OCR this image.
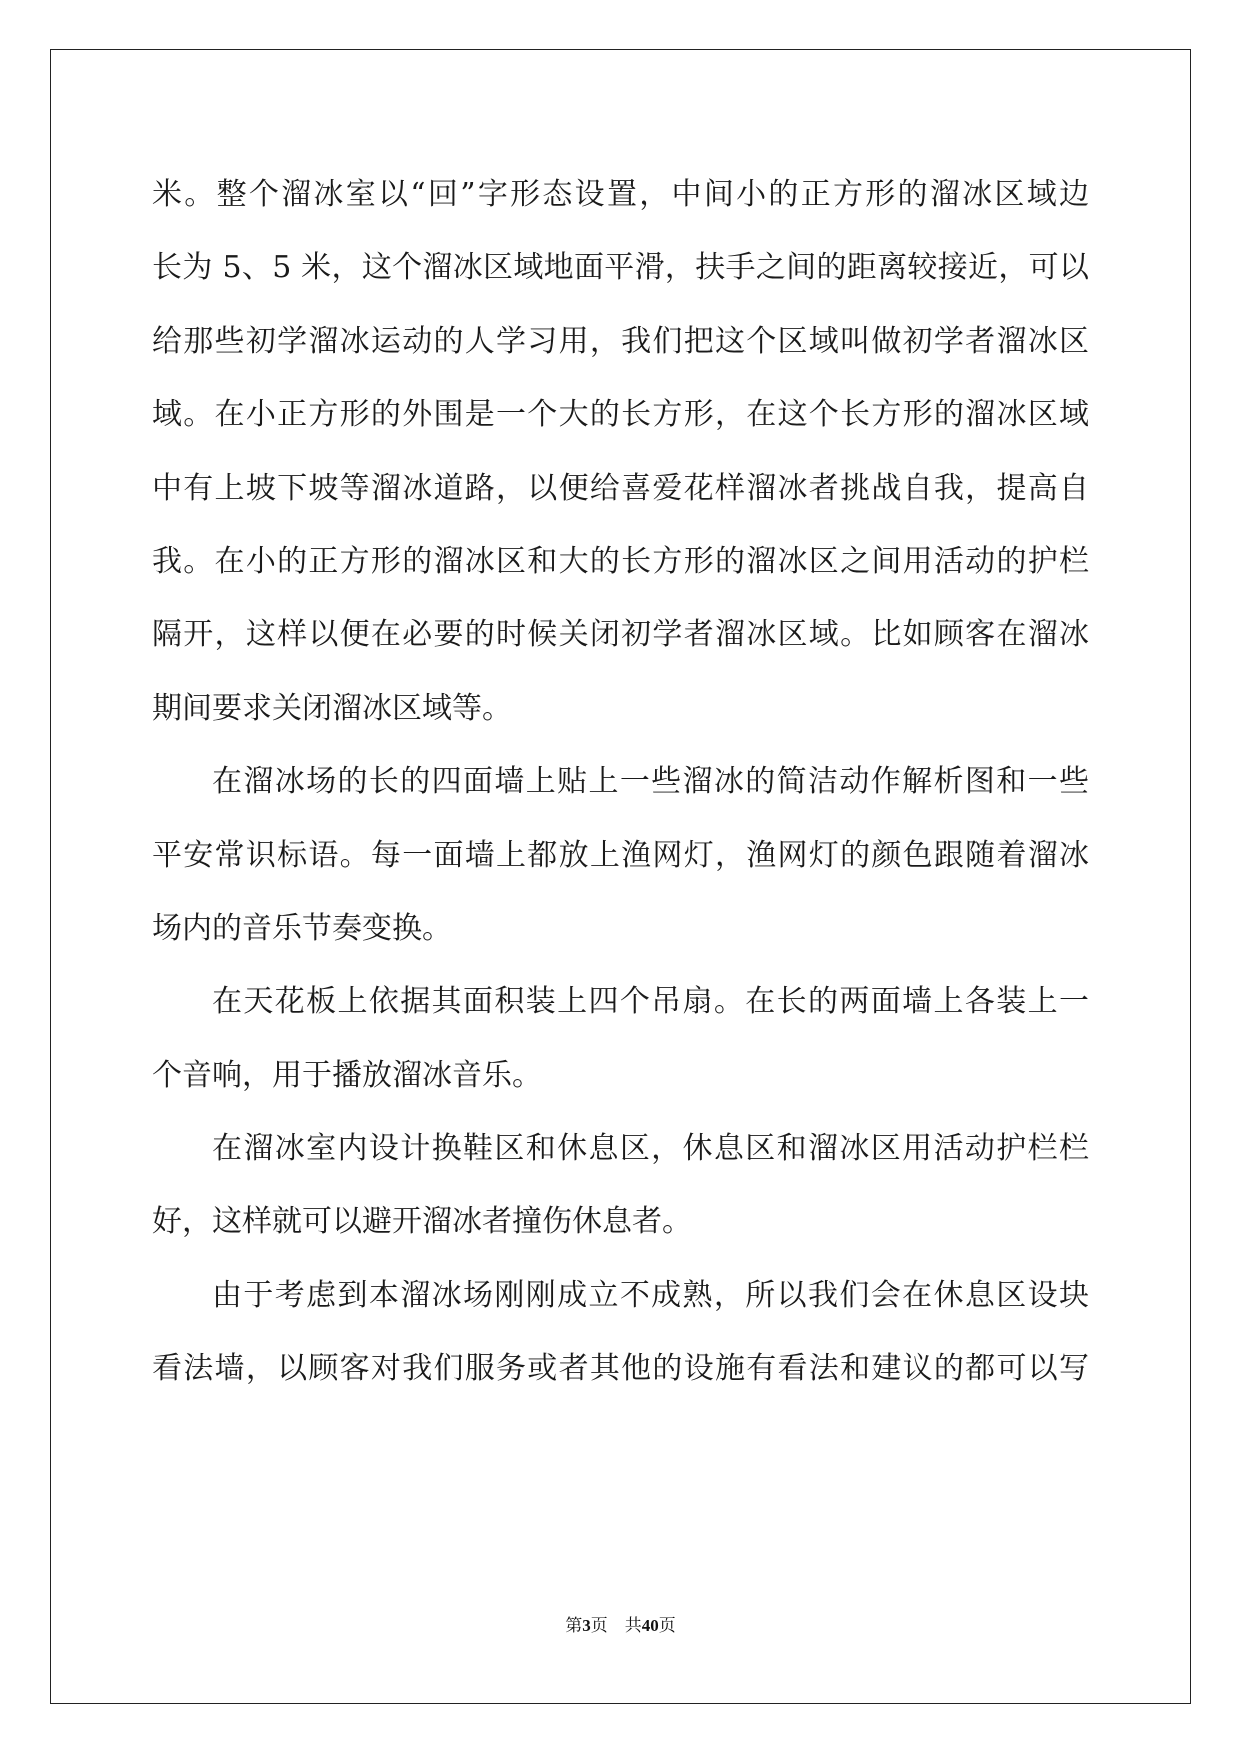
米。整个溜冰室以“回”字形态设置，中间小的正方形的溜冰区域边
长为 5、5 米，这个溜冰区域地面平滑，扶手之间的距离较接近，可以
给那些初学溜冰运动的人学习用，我们把这个区域叫做初学者溜冰区
域。在小正方形的外围是一个大的长方形，在这个长方形的溜冰区域
中有上坡下坡等溜冰道路，以便给喜爱花样溜冰者挑战自我，提高自
我。在小的正方形的溜冰区和大的长方形的溜冰区之间用活动的护栏
隔开，这样以便在必要的时候关闭初学者溜冰区域。比如顾客在溜冰
期间要求关闭溜冰区域等。
在溜冰场的长的四面墙上贴上一些溜冰的简洁动作解析图和一些
平安常识标语。每一面墙上都放上渔网灯，渔网灯的颜色跟随着溜冰
场内的音乐节奏变换。
在天花板上依据其面积装上四个吊扇。在长的两面墙上各装上一
个音响，用于播放溜冰音乐。
在溜冰室内设计换鞋区和休息区，休息区和溜冰区用活动护栏栏
好，这样就可以避开溜冰者撞伤休息者。
由于考虑到本溜冰场刚刚成立不成熟，所以我们会在休息区设块
看法墙，以顾客对我们服务或者其他的设施有看法和建议的都可以写
第3页 共40页
